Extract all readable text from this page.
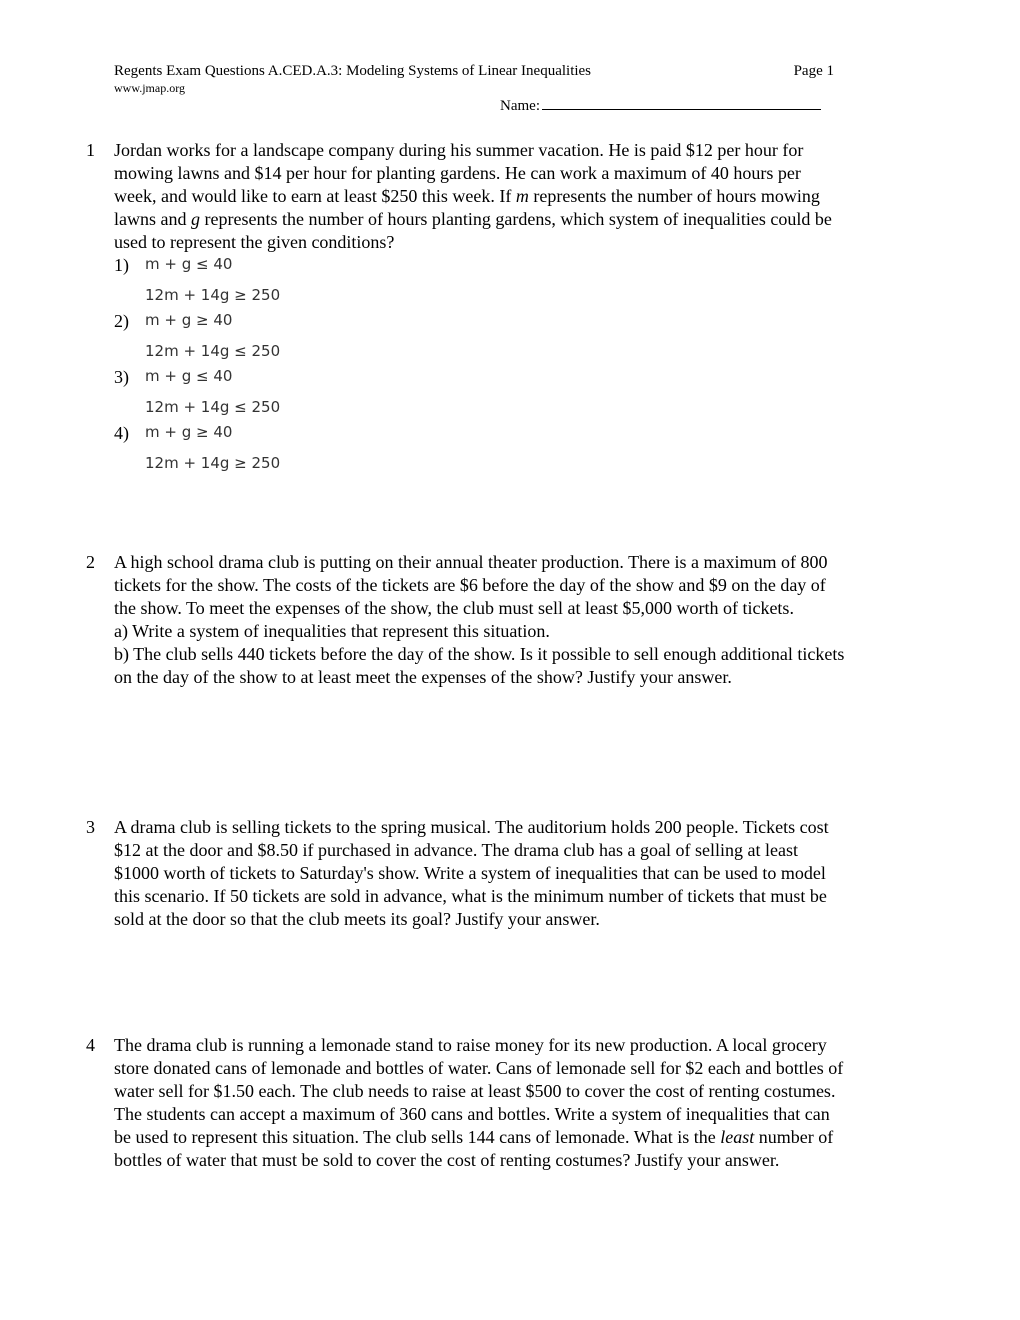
Regents Exam Questions A.CED.A.3: Modeling Systems of Linear Inequalities	Page 1
www.jmap.org
Name:
1 Jordan works for a landscape company during his summer vacation. He is paid $12 per hour for mowing lawns and $14 per hour for planting gardens. He can work a maximum of 40 hours per week, and would like to earn at least $250 this week. If m represents the number of hours mowing lawns and g represents the number of hours planting gardens, which system of inequalities could be used to represent the given conditions?

1) m + g ≤ 40
12m + 14g ≥ 250
2) m + g ≥ 40
12m + 14g ≤ 250
3) m + g ≤ 40
12m + 14g ≤ 250
4) m + g ≥ 40
12m + 14g ≥ 250
2 A high school drama club is putting on their annual theater production. There is a maximum of 800 tickets for the show. The costs of the tickets are $6 before the day of the show and $9 on the day of the show. To meet the expenses of the show, the club must sell at least $5,000 worth of tickets.

a) Write a system of inequalities that represent this situation.

b) The club sells 440 tickets before the day of the show. Is it possible to sell enough additional tickets on the day of the show to at least meet the expenses of the show? Justify your answer.

3 A drama club is selling tickets to the spring musical. The auditorium holds 200 people. Tickets cost $12 at the door and $8.50 if purchased in advance. The drama club has a goal of selling at least $1000 worth of tickets to Saturday's show. Write a system of inequalities that can be used to model this scenario. If 50 tickets are sold in advance, what is the minimum number of tickets that must be sold at the door so that the club meets its goal? Justify your answer.

4 The drama club is running a lemonade stand to raise money for its new production. A local grocery store donated cans of lemonade and bottles of water. Cans of lemonade sell for $2 each and bottles of water sell for $1.50 each. The club needs to raise at least $500 to cover the cost of renting costumes. The students can accept a maximum of 360 cans and bottles. Write a system of inequalities that can be used to represent this situation. The club sells 144 cans of lemonade. What is the least number of bottles of water that must be sold to cover the cost of renting costumes? Justify your answer.
